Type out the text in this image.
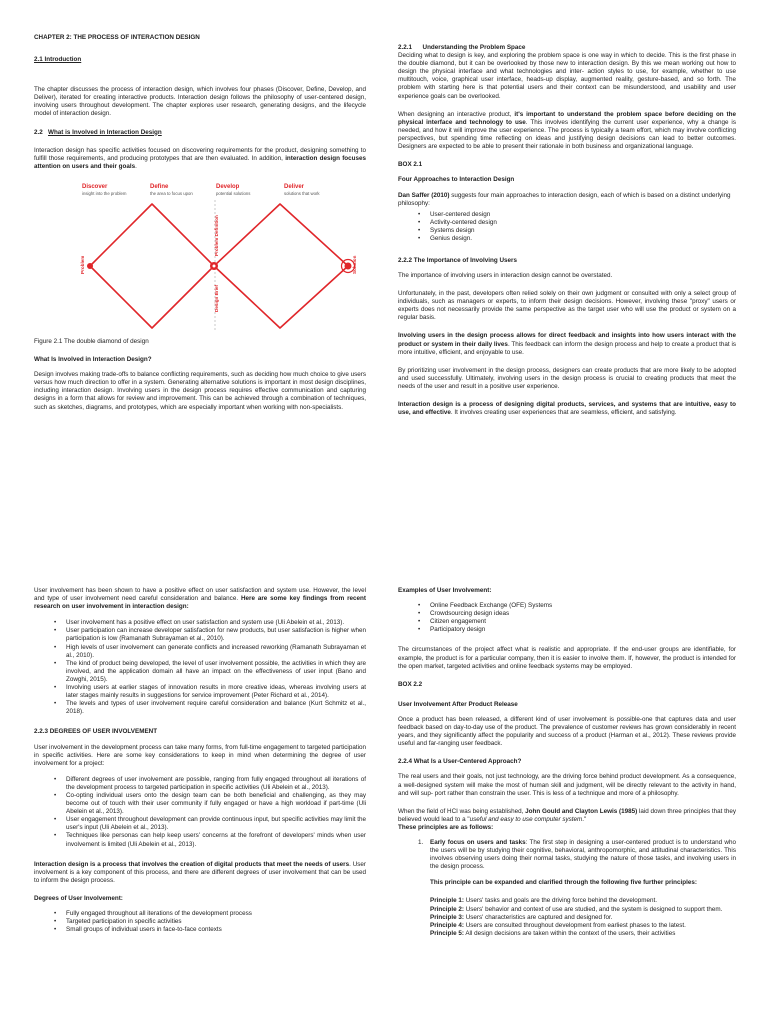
CHAPTER 2: THE PROCESS OF INTERACTION DESIGN

2.1 Introduction

The chapter discusses the process of interaction design, which involves four phases (Discover, Define, Develop, and Deliver), iterated for creating interactive products. Interaction design follows the philosophy of user-centered design, involving users throughout development. The chapter explores user research, generating designs, and the lifecycle model of interaction design.

2.2 What is Involved in Interaction Design

Interaction design has specific activities focused on discovering requirements for the product, designing something to fulfill those requirements, and producing prototypes that are then evaluated. In addition, interaction design focuses attention on users and their goals.

Discover
insight into the problem
Define
the area to focus upon
Develop
potential solutions
Deliver
solutions that work
Problem
Problem Definition
Design Brief
Solution

Figure 2.1 The double diamond of design

What Is Involved in Interaction Design?

Design involves making trade-offs to balance conflicting requirements, such as deciding how much choice to give users versus how much direction to offer in a system. Generating alternative solutions is important in most design disciplines, including interaction design. Involving users in the design process requires effective communication and capturing designs in a form that allows for review and improvement. This can be achieved through a combination of techniques, such as sketches, diagrams, and prototypes, which are especially important when working with non-specialists.

2.2.1 Understanding the Problem Space

Deciding what to design is key, and exploring the problem space is one way in which to decide. This is the first phase in the double diamond, but it can be overlooked by those new to interaction design. By this we mean working out how to design the physical interface and what technologies and inter- action styles to use, for example, whether to use multitouch, voice, graphical user interface, heads-up display, augmented reality, gesture-based, and so forth. The problem with starting here is that potential users and their context can be misunderstood, and usability and user experience goals can be overlooked.

When designing an interactive product, it's important to understand the problem space before deciding on the physical interface and technology to use. This involves identifying the current user experience, why a change is needed, and how it will improve the user experience. The process is typically a team effort, which may involve conflicting perspectives, but spending time reflecting on ideas and justifying design decisions can lead to better outcomes. Designers are expected to be able to present their rationale in both business and organizational language.

BOX 2.1

Four Approaches to Interaction Design

Dan Saffer (2010) suggests four main approaches to interaction design, each of which is based on a distinct underlying philosophy:

• User-centered design
• Activity-centered design
• Systems design
• Genius design.

2.2.2 The Importance of Involving Users

The importance of involving users in interaction design cannot be overstated.

Unfortunately, in the past, developers often relied solely on their own judgment or consulted with only a select group of individuals, such as managers or experts, to inform their design decisions. However, involving these "proxy" users or experts does not necessarily provide the same perspective as the target user who will use the product or system on a regular basis.

Involving users in the design process allows for direct feedback and insights into how users interact with the product or system in their daily lives. This feedback can inform the design process and help to create a product that is more intuitive, efficient, and enjoyable to use.

By prioritizing user involvement in the design process, designers can create products that are more likely to be adopted and used successfully. Ultimately, involving users in the design process is crucial to creating products that meet the needs of the user and result in a positive user experience.

Interaction design is a process of designing digital products, services, and systems that are intuitive, easy to use, and effective. It involves creating user experiences that are seamless, efficient, and satisfying.

User involvement has been shown to have a positive effect on user satisfaction and system use. However, the level and type of user involvement need careful consideration and balance. Here are some key findings from recent research on user involvement in interaction design:

• User involvement has a positive effect on user satisfaction and system use (Uli Abelein et al., 2013).
• User participation can increase developer satisfaction for new products, but user satisfaction is higher when participation is low (Ramanath Subrayaman et al., 2010).
• High levels of user involvement can generate conflicts and increased reworking (Ramanath Subrayaman et al., 2010).
• The kind of product being developed, the level of user involvement possible, the activities in which they are involved, and the application domain all have an impact on the effectiveness of user input (Bano and Zowghi, 2015).
• Involving users at earlier stages of innovation results in more creative ideas, whereas involving users at later stages mainly results in suggestions for service improvement (Peter Richard et al., 2014).
• The levels and types of user involvement require careful consideration and balance (Kurt Schmitz et al., 2018).

2.2.3 DEGREES OF USER INVOLVEMENT

User involvement in the development process can take many forms, from full-time engagement to targeted participation in specific activities. Here are some key considerations to keep in mind when determining the degree of user involvement for a project:

• Different degrees of user involvement are possible, ranging from fully engaged throughout all iterations of the development process to targeted participation in specific activities (Uli Abelein et al., 2013).
• Co-opting individual users onto the design team can be both beneficial and challenging, as they may become out of touch with their user community if fully engaged or have a high workload if part-time (Uli Abelein et al., 2013).
• User engagement throughout development can provide continuous input, but specific activities may limit the user's input (Uli Abelein et al., 2013).
• Techniques like personas can help keep users' concerns at the forefront of developers' minds when user involvement is limited (Uli Abelein et al., 2013).

Interaction design is a process that involves the creation of digital products that meet the needs of users. User involvement is a key component of this process, and there are different degrees of user involvement that can be used to inform the design process.

Degrees of User Involvement:

• Fully engaged throughout all iterations of the development process
• Targeted participation in specific activities
• Small groups of individual users in face-to-face contexts

Examples of User Involvement:

• Online Feedback Exchange (OFE) Systems
• Crowdsourcing design ideas
• Citizen engagement
• Participatory design

The circumstances of the project affect what is realistic and appropriate. If the end-user groups are identifiable, for example, the product is for a particular company, then it is easier to involve them. If, however, the product is intended for the open market, targeted activities and online feedback systems may be employed.

BOX 2.2

User Involvement After Product Release

Once a product has been released, a different kind of user involvement is possible-one that captures data and user feedback based on day-to-day use of the product. The prevalence of customer reviews has grown considerably in recent years, and they significantly affect the popularity and success of a product (Harman et al., 2012). These reviews provide useful and far-ranging user feedback.

2.2.4 What Is a User-Centered Approach?

The real users and their goals, not just technology, are the driving force behind product development. As a consequence, a well-designed system will make the most of human skill and judgment, will be directly relevant to the activity in hand, and will sup- port rather than constrain the user. This is less of a technique and more of a philosophy.

When the field of HCI was being established, John Gould and Clayton Lewis (1985) laid down three principles that they believed would lead to a "useful and easy to use computer system."

These principles are as follows:

1. Early focus on users and tasks: The first step in designing a user-centered product is to understand who the users will be by studying their cognitive, behavioral, anthropomorphic, and attitudinal characteristics. This involves observing users doing their normal tasks, studying the nature of those tasks, and involving users in the design process.

This principle can be expanded and clarified through the following five further principles:

Principle 1: Users' tasks and goals are the driving force behind the development.

Principle 2: Users' behavior and context of use are studied, and the system is designed to support them.

Principle 3: Users' characteristics are captured and designed for.

Principle 4: Users are consulted throughout development from earliest phases to the latest.

Principle 5: All design decisions are taken within the context of the users, their activities
